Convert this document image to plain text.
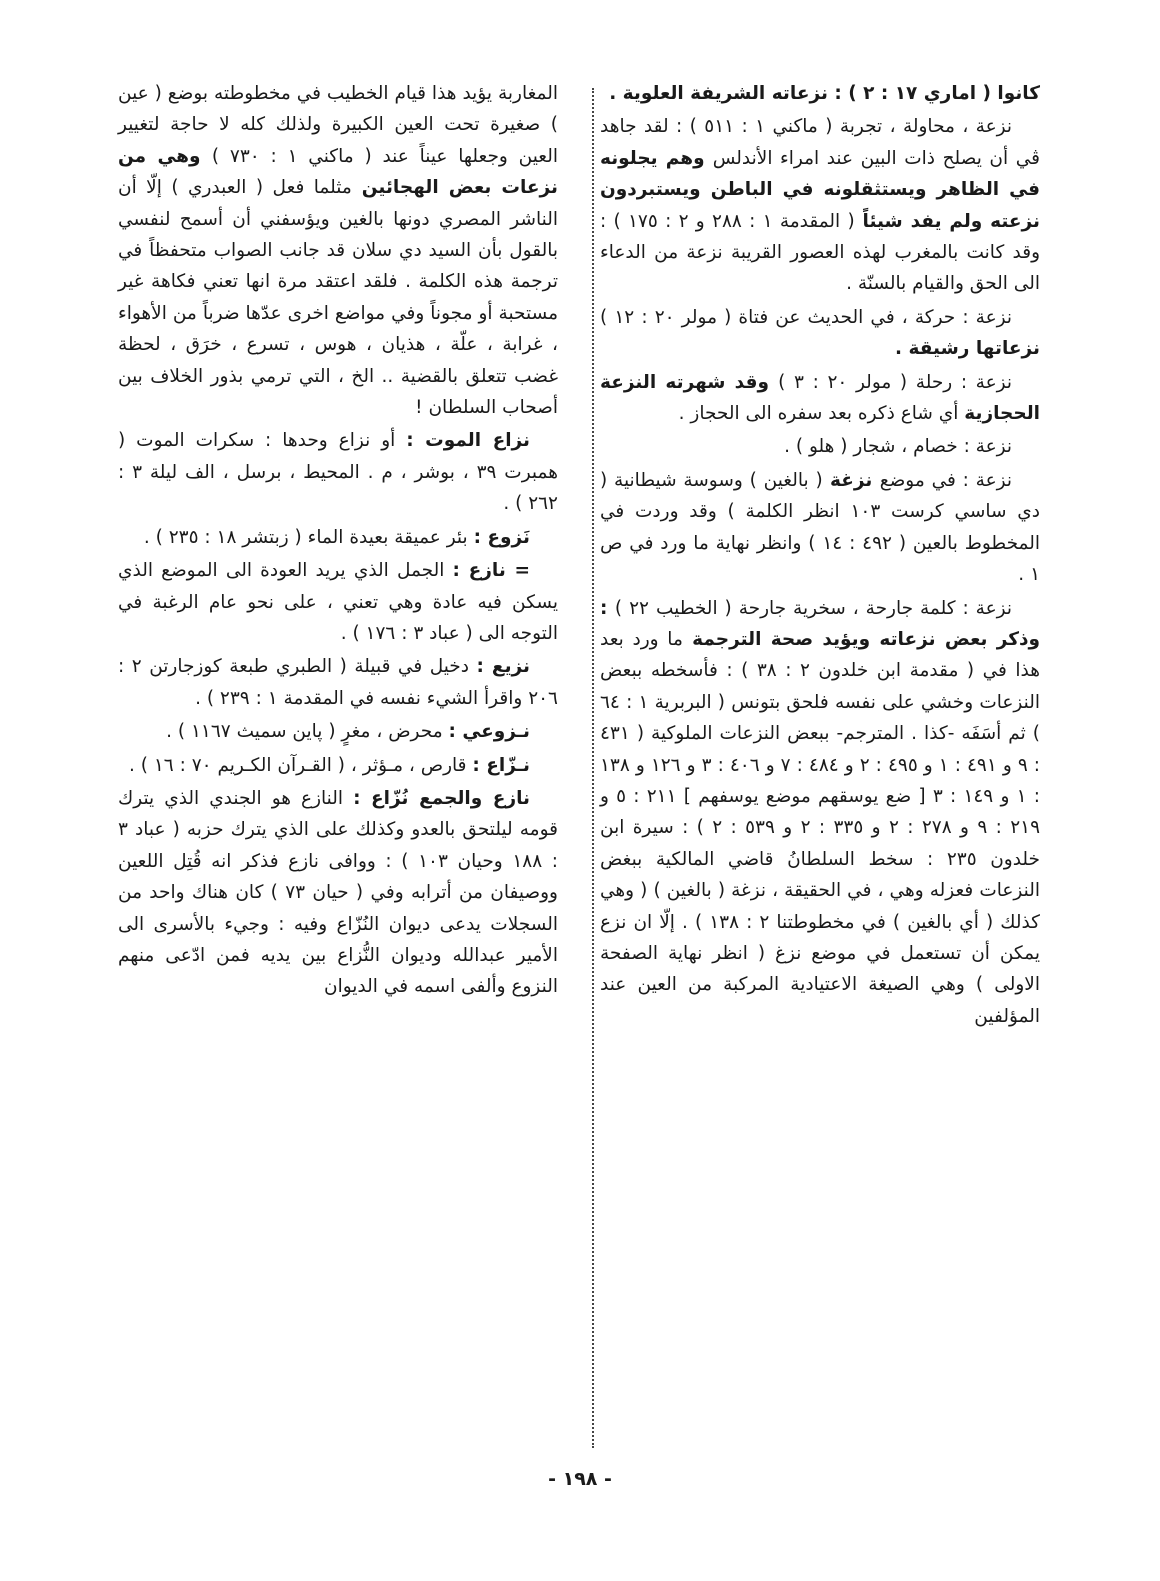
كانوا ( اماري ١٧ : ٢ ) : نزعاته الشريفة العلوية .

نزعة ، محاولة ، تجربة ( ماكني ١ : ٥١١ ) : لقد جاهد ڤي أن يصلح ذات البين عند امراء الأندلس وهم يجلونه في الظاهر ويستثقلونه في الباطن ويستبردون نزعته ولم يفد شيئاً ( المقدمة ١ : ٢٨٨ و ٢ : ١٧٥ ) : وقد كانت بالمغرب لهذه العصور القريبة نزعة من الدعاء الى الحق والقيام بالسنّة .

نزعة : حركة ، في الحديث عن فتاة ( مولر ٢٠ : ١٢ ) نزعاتها رشيقة .

نزعة : رحلة ( مولر ٢٠ : ٣ ) وقد شهرته النزعة الحجازية أي شاع ذكره بعد سفره الى الحجاز .

نزعة : خصام ، شجار ( هلو ) .

نزعة : في موضع نزغة ( بالغين ) وسوسة شيطانية ( دي ساسي كرست ١٠٣ انظر الكلمة ) وقد وردت في المخطوط بالعين ( ٤٩٢ : ١٤ ) وانظر نهاية ما ورد في ص ١ .

نزعة : كلمة جارحة ، سخرية جارحة ( الخطيب ٢٢ ) : وذكر بعض نزعاته ويؤيد صحة الترجمة ما ورد بعد هذا في ( مقدمة ابن خلدون ٢ : ٣٨ ) : فأسخطه ببعض النزعات وخشي على نفسه فلحق بتونس ( البربرية ١ : ٦٤ ) ثم أسَفَه -كذا . المترجم- ببعض النزعات الملوكية ( ٤٣١ : ٩ و ٤٩١ : ١ و ٤٩٥ : ٢ و ٤٨٤ : ٧ و ٤٠٦ : ٣ و ١٢٦ و ١٣٨ : ١ و ١٤٩ : ٣ [ ضع يوسقهم موضع يوسفهم ] ٢١١ : ٥ و ٢١٩ : ٩ و ٢٧٨ : ٢ و ٣٣٥ : ٢ و ٥٣٩ : ٢ ) : سيرة ابن خلدون ٢٣٥ : سخط السلطانُ قاضي المالكية ببغض النزعات فعزله وهي ، في الحقيقة ، نزغة ( بالغين ) ( وهي كذلك ( أي بالغين ) في مخطوطتنا ٢ : ١٣٨ ) . إلّا ان نزع يمكن أن تستعمل في موضع نزغ ( انظر نهاية الصفحة الاولى ) وهي الصيغة الاعتيادية المركبة من العين عند المؤلفين

المغاربة يؤيد هذا قيام الخطيب في مخطوطته بوضع ( عين ) صغيرة تحت العين الكبيرة ولذلك كله لا حاجة لتغيير العين وجعلها عيناً عند ( ماكني ١ : ٧٣٠ ) وهي من نزعات بعض الهجائين مثلما فعل ( العبدري ) إلّا أن الناشر المصري دونها بالغين ويؤسفني أن أسمح لنفسي بالقول بأن السيد دي سلان قد جانب الصواب متحفظاً في ترجمة هذه الكلمة . فلقد اعتقد مرة انها تعني فكاهة غير مستحبة أو مجوناً وفي مواضع اخرى عدّها ضرباً من الأهواء ، غرابة ، علّة ، هذيان ، هوس ، تسرع ، خرَق ، لحظة غضب تتعلق بالقضية .. الخ ، التي ترمي بذور الخلاف بين أصحاب السلطان !

نزاع الموت : أو نزاع وحدها : سكرات الموت ( همبرت ٣٩ ، بوشر ، م . المحيط ، برسل ، الف ليلة ٣ : ٢٦٢ ) .

نَزوع : بئر عميقة بعيدة الماء ( زبتشر ١٨ : ٢٣٥ ) .

= نازع : الجمل الذي يريد العودة الى الموضع الذي يسكن فيه عادة وهي تعني ، على نحو عام الرغبة في التوجه الى ( عباد ٣ : ١٧٦ ) .

نزيع : دخيل في قبيلة ( الطبري طبعة كوزجارتن ٢ : ٢٠٦ واقرأ الشيء نفسه في المقدمة ١ : ٢٣٩ ) .

نـزوعي : محرض ، مغرٍ ( پاين سميث ١١٦٧ ) .

نـزّاع : قارص ، مـؤثر ، ( القـرآن الكـريم ٧٠ : ١٦ ) .

نازع والجمع نُزّاع : النازع هو الجندي الذي يترك قومه ليلتحق بالعدو وكذلك على الذي يترك حزبه ( عباد ٣ : ١٨٨ وحيان ١٠٣ ) : ووافى نازع فذكر انه قُتِل اللعين ووصيفان من أترابه وفي ( حيان ٧٣ ) كان هناك واحد من السجلات يدعى ديوان النُزّاع وفيه : وجيء بالأسرى الى الأمير عبدالله وديوان النُّزاع بين يديه فمن ادّعى منهم النزوع وألفى اسمه في الديوان

- ١٩٨ -
